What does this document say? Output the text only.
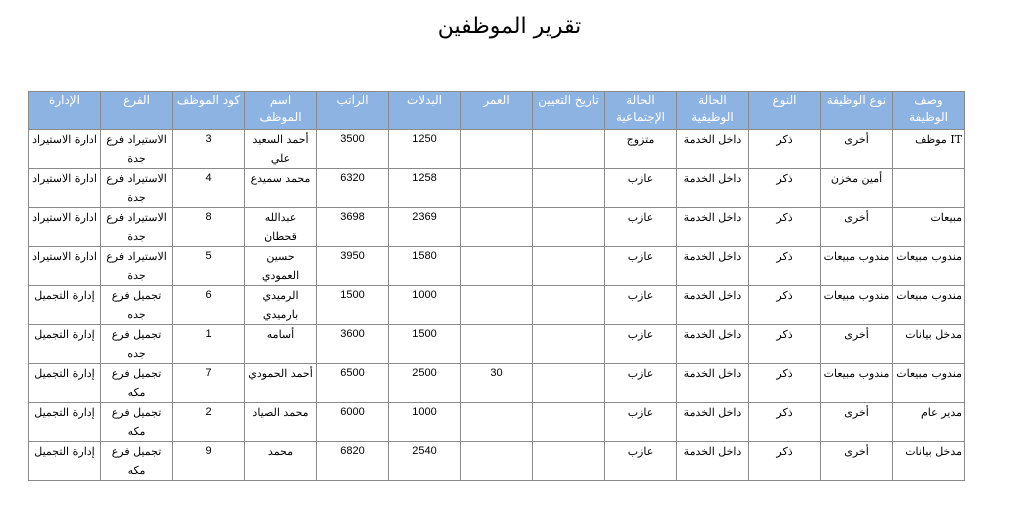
تقرير الموظفين
وصف الوظيفة	نوع الوظيفة	النوع	الحالة الوظيفية	الحالة الإجتماعية	تاريخ التعيين	العمر	البدلات	الراتب	اسم الموظف	كود الموظف	الفرع	الإدارة
IT موظف	أخرى	ذكر	داخل الخدمة	متزوج			1250	3500	أحمد السعيد علي	3	الاستيراد فرع جدة	ادارة الاستيراد
	أمين مخزن	ذكر	داخل الخدمة	عازب			1258	6320	محمد سميدع	4	الاستيراد فرع جدة	ادارة الاستيراد
مبيعات	أخرى	ذكر	داخل الخدمة	عازب			2369	3698	عبدالله قحطان	8	الاستيراد فرع جدة	ادارة الاستيراد
مندوب مبيعات	مندوب مبيعات	ذكر	داخل الخدمة	عازب			1580	3950	حسين العمودي	5	الاستيراد فرع جدة	ادارة الاستيراد
مندوب مبيعات	مندوب مبيعات	ذكر	داخل الخدمة	عازب			1000	1500	الرميدي بارميدي	6	تجميل فرع جده	إدارة التجميل
مدخل بيانات	أخرى	ذكر	داخل الخدمة	عازب			1500	3600	أسامه	1	تجميل فرع جده	إدارة التجميل
مندوب مبيعات	مندوب مبيعات	ذكر	داخل الخدمة	عازب		30	2500	6500	أحمد الحمودي	7	تجميل فرع مكه	إدارة التجميل
مدير عام	أخرى	ذكر	داخل الخدمة	عازب			1000	6000	محمد الصياد	2	تجميل فرع مكه	إدارة التجميل
مدخل بيانات	أخرى	ذكر	داخل الخدمة	عازب			2540	6820	محمد	9	تجميل فرع مكه	إدارة التجميل
